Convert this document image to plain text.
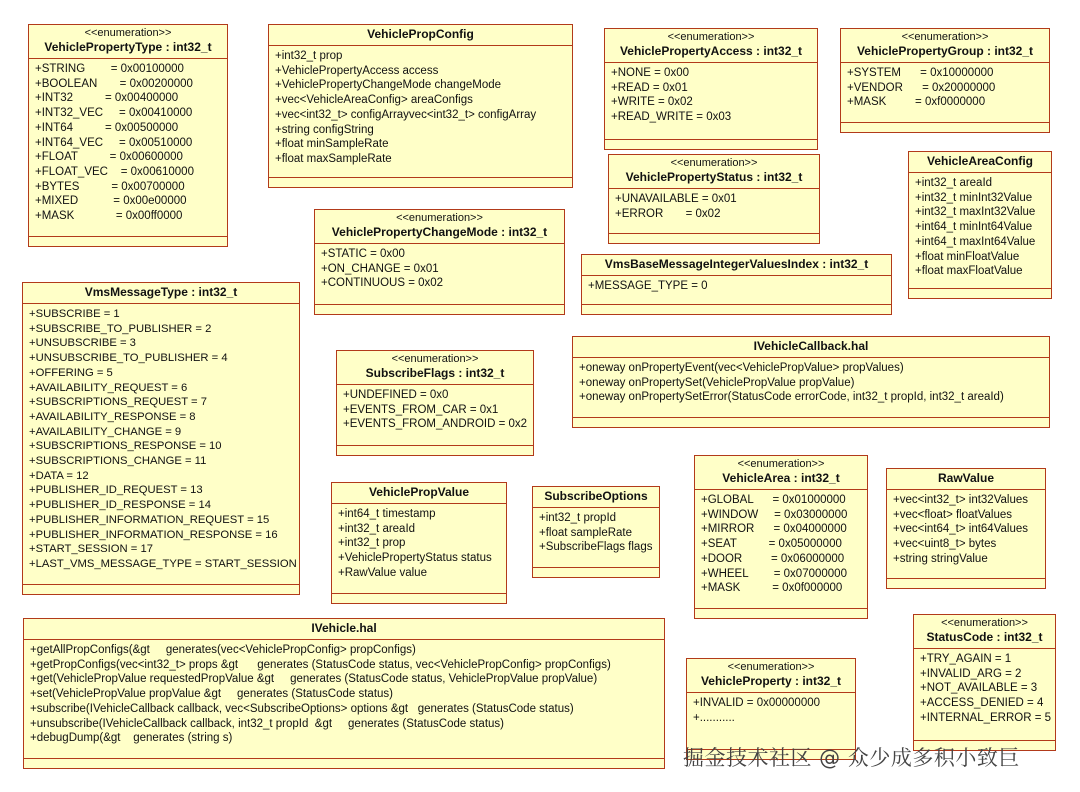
<<enumeration>>
VehiclePropertyType : int32_t
+STRING        = 0x00100000
+BOOLEAN       = 0x00200000
+INT32          = 0x00400000
+INT32_VEC     = 0x00410000
+INT64          = 0x00500000
+INT64_VEC     = 0x00510000
+FLOAT          = 0x00600000
+FLOAT_VEC    = 0x00610000
+BYTES          = 0x00700000
+MIXED           = 0x00e00000
+MASK             = 0x00ff0000
VehiclePropConfig
+int32_t prop
+VehiclePropertyAccess access
+VehiclePropertyChangeMode changeMode
+vec<VehicleAreaConfig> areaConfigs
+vec<int32_t> configArrayvec<int32_t> configArray
+string configString
+float minSampleRate
+float maxSampleRate
<<enumeration>>
VehiclePropertyAccess : int32_t
+NONE = 0x00
+READ = 0x01
+WRITE = 0x02
+READ_WRITE = 0x03
<<enumeration>>
VehiclePropertyGroup : int32_t
+SYSTEM      = 0x10000000
+VENDOR      = 0x20000000
+MASK         = 0xf0000000
<<enumeration>>
VehiclePropertyStatus : int32_t
+UNAVAILABLE = 0x01
+ERROR       = 0x02
VehicleAreaConfig
+int32_t areaId
+int32_t minInt32Value
+int32_t maxInt32Value
+int64_t minInt64Value
+int64_t maxInt64Value
+float minFloatValue
+float maxFloatValue
<<enumeration>>
VehiclePropertyChangeMode : int32_t
+STATIC = 0x00
+ON_CHANGE = 0x01
+CONTINUOUS = 0x02
VmsBaseMessageIntegerValuesIndex : int32_t
+MESSAGE_TYPE = 0
VmsMessageType : int32_t
+SUBSCRIBE = 1
+SUBSCRIBE_TO_PUBLISHER = 2
+UNSUBSCRIBE = 3
+UNSUBSCRIBE_TO_PUBLISHER = 4
+OFFERING = 5
+AVAILABILITY_REQUEST = 6
+SUBSCRIPTIONS_REQUEST = 7
+AVAILABILITY_RESPONSE = 8
+AVAILABILITY_CHANGE = 9
+SUBSCRIPTIONS_RESPONSE = 10
+SUBSCRIPTIONS_CHANGE = 11
+DATA = 12
+PUBLISHER_ID_REQUEST = 13
+PUBLISHER_ID_RESPONSE = 14
+PUBLISHER_INFORMATION_REQUEST = 15
+PUBLISHER_INFORMATION_RESPONSE = 16
+START_SESSION = 17
+LAST_VMS_MESSAGE_TYPE = START_SESSION
<<enumeration>>
SubscribeFlags : int32_t
+UNDEFINED = 0x0
+EVENTS_FROM_CAR = 0x1
+EVENTS_FROM_ANDROID = 0x2
IVehicleCallback.hal
+oneway onPropertyEvent(vec<VehiclePropValue> propValues)
+oneway onPropertySet(VehiclePropValue propValue)
+oneway onPropertySetError(StatusCode errorCode, int32_t propId, int32_t areaId)
VehiclePropValue
+int64_t timestamp
+int32_t areaId
+int32_t prop
+VehiclePropertyStatus status
+RawValue value
SubscribeOptions
+int32_t propId
+float sampleRate
+SubscribeFlags flags
<<enumeration>>
VehicleArea : int32_t
+GLOBAL      = 0x01000000
+WINDOW     = 0x03000000
+MIRROR      = 0x04000000
+SEAT          = 0x05000000
+DOOR         = 0x06000000
+WHEEL        = 0x07000000
+MASK          = 0x0f000000
RawValue
+vec<int32_t> int32Values
+vec<float> floatValues
+vec<int64_t> int64Values
+vec<uint8_t> bytes
+string stringValue
IVehicle.hal
+getAllPropConfigs(&gt     generates(vec<VehiclePropConfig> propConfigs)
+getPropConfigs(vec<int32_t> props &gt      generates (StatusCode status, vec<VehiclePropConfig> propConfigs)
+get(VehiclePropValue requestedPropValue &gt     generates (StatusCode status, VehiclePropValue propValue)
+set(VehiclePropValue propValue &gt     generates (StatusCode status)
+subscribe(IVehicleCallback callback, vec<SubscribeOptions> options &gt   generates (StatusCode status)
+unsubscribe(IVehicleCallback callback, int32_t propId  &gt     generates (StatusCode status)
+debugDump(&gt    generates (string s)
<<enumeration>>
VehicleProperty : int32_t
+INVALID = 0x00000000
+...........
<<enumeration>>
StatusCode : int32_t
+TRY_AGAIN = 1
+INVALID_ARG = 2
+NOT_AVAILABLE = 3
+ACCESS_DENIED = 4
+INTERNAL_ERROR = 5
掘金技术社区 @ 众少成多积小致巨
